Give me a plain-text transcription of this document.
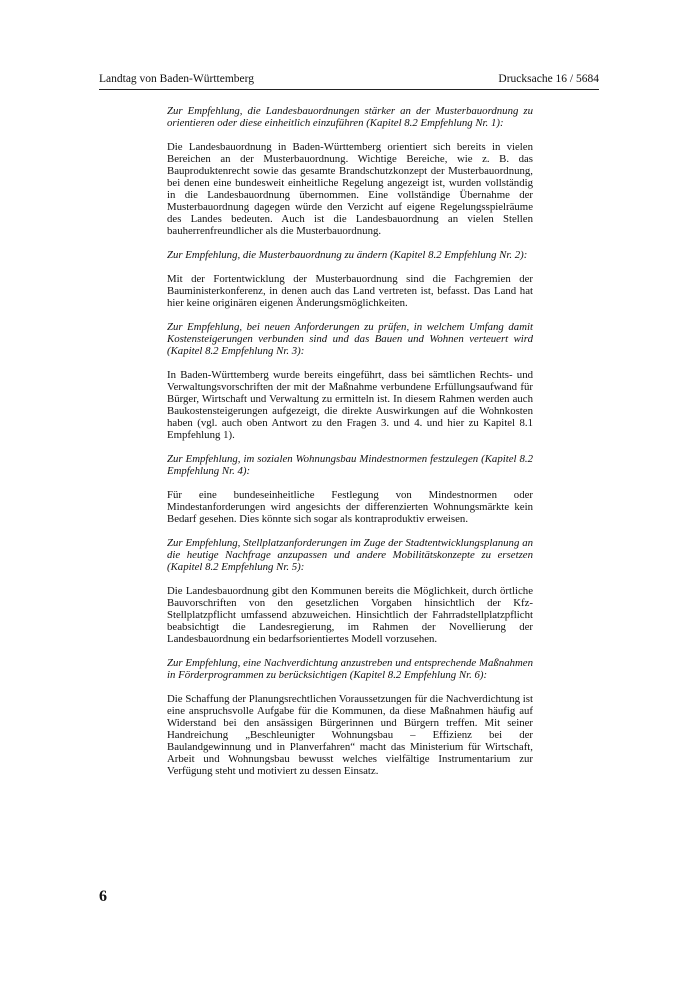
Landtag von Baden-Württemberg	Drucksache 16 / 5684

Zur Empfehlung, die Landesbauordnungen stärker an der Musterbauordnung zu orientieren oder diese einheitlich einzuführen (Kapitel 8.2 Empfehlung Nr. 1):

Die Landesbauordnung in Baden-Württemberg orientiert sich bereits in vielen Bereichen an der Musterbauordnung. Wichtige Bereiche, wie z. B. das Bauproduktenrecht sowie das gesamte Brandschutzkonzept der Musterbauordnung, bei denen eine bundesweit einheitliche Regelung angezeigt ist, wurden vollständig in die Landesbauordnung übernommen. Eine vollständige Übernahme der Musterbauordnung dagegen würde den Verzicht auf eigene Regelungsspielräume des Landes bedeuten. Auch ist die Landesbauordnung an vielen Stellen bauherrenfreundlicher als die Musterbauordnung.

Zur Empfehlung, die Musterbauordnung zu ändern (Kapitel 8.2 Empfehlung Nr. 2):

Mit der Fortentwicklung der Musterbauordnung sind die Fachgremien der Bauministerkonferenz, in denen auch das Land vertreten ist, befasst. Das Land hat hier keine originären eigenen Änderungsmöglichkeiten.

Zur Empfehlung, bei neuen Anforderungen zu prüfen, in welchem Umfang damit Kostensteigerungen verbunden sind und das Bauen und Wohnen verteuert wird (Kapitel 8.2 Empfehlung Nr. 3):

In Baden-Württemberg wurde bereits eingeführt, dass bei sämtlichen Rechts- und Verwaltungsvorschriften der mit der Maßnahme verbundene Erfüllungsaufwand für Bürger, Wirtschaft und Verwaltung zu ermitteln ist. In diesem Rahmen werden auch Baukostensteigerungen aufgezeigt, die direkte Auswirkungen auf die Wohnkosten haben (vgl. auch oben Antwort zu den Fragen 3. und 4. und hier zu Kapitel 8.1 Empfehlung 1).

Zur Empfehlung, im sozialen Wohnungsbau Mindestnormen festzulegen (Kapitel 8.2 Empfehlung Nr. 4):

Für eine bundeseinheitliche Festlegung von Mindestnormen oder Mindestanforderungen wird angesichts der differenzierten Wohnungsmärkte kein Bedarf gesehen. Dies könnte sich sogar als kontraproduktiv erweisen.

Zur Empfehlung, Stellplatzanforderungen im Zuge der Stadtentwicklungsplanung an die heutige Nachfrage anzupassen und andere Mobilitätskonzepte zu ersetzen (Kapitel 8.2 Empfehlung Nr. 5):

Die Landesbauordnung gibt den Kommunen bereits die Möglichkeit, durch örtliche Bauvorschriften von den gesetzlichen Vorgaben hinsichtlich der Kfz-Stellplatzpflicht umfassend abzuweichen. Hinsichtlich der Fahrradstellplatzpflicht beabsichtigt die Landesregierung, im Rahmen der Novellierung der Landesbauordnung ein bedarfsorientiertes Modell vorzusehen.

Zur Empfehlung, eine Nachverdichtung anzustreben und entsprechende Maßnahmen in Förderprogrammen zu berücksichtigen (Kapitel 8.2 Empfehlung Nr. 6):

Die Schaffung der Planungsrechtlichen Voraussetzungen für die Nachverdichtung ist eine anspruchsvolle Aufgabe für die Kommunen, da diese Maßnahmen häufig auf Widerstand bei den ansässigen Bürgerinnen und Bürgern treffen. Mit seiner Handreichung „Beschleunigter Wohnungsbau – Effizienz bei der Baulandgewinnung und in Planverfahren“ macht das Ministerium für Wirtschaft, Arbeit und Wohnungsbau bewusst welches vielfältige Instrumentarium zur Verfügung steht und motiviert zu dessen Einsatz.

6
